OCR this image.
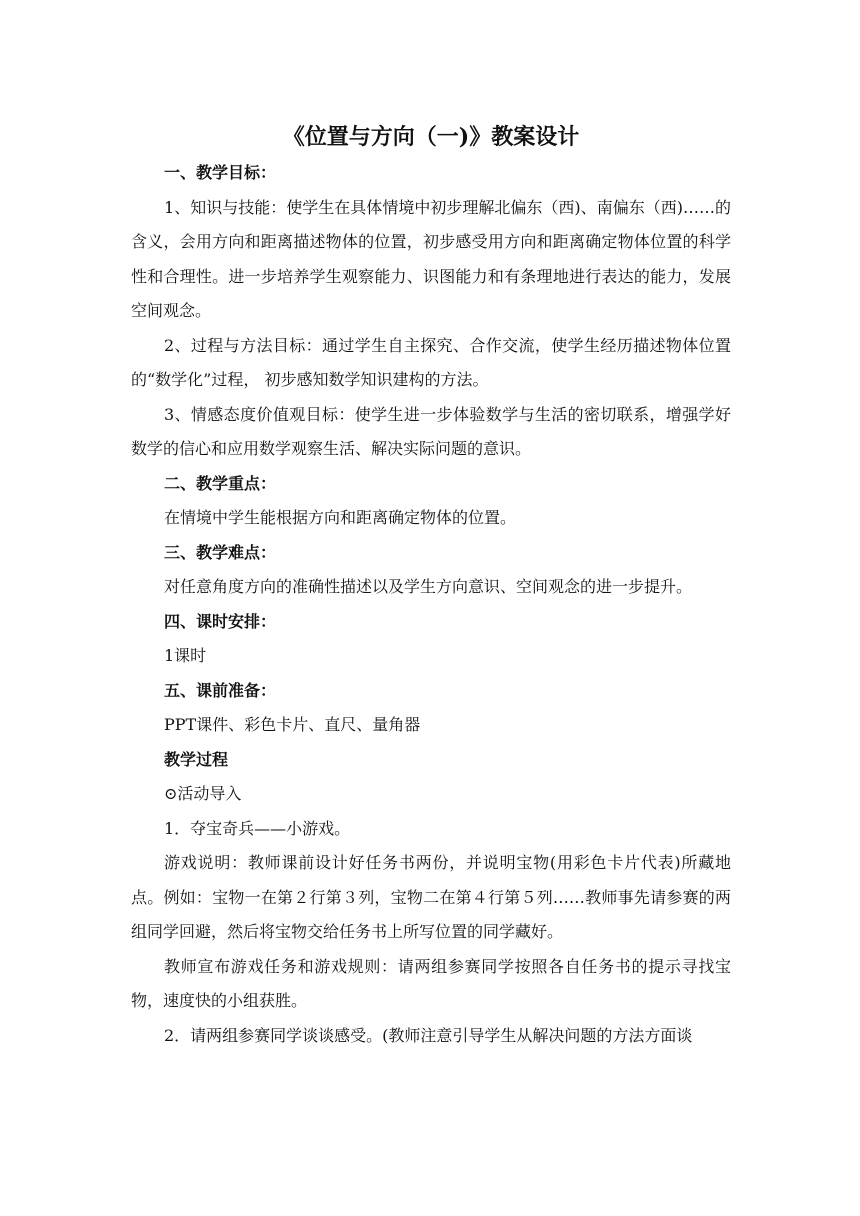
《位置与方向（一)》教案设计

一、教学目标：

1、知识与技能：使学生在具体情境中初步理解北偏东（西)、南偏东（西)……的含义，会用方向和距离描述物体的位置，初步感受用方向和距离确定物体位置的科学性和合理性。进一步培养学生观察能力、识图能力和有条理地进行表达的能力，发展空间观念。

2、过程与方法目标：通过学生自主探究、合作交流，使学生经历描述物体位置的“数学化”过程， 初步感知数学知识建构的方法。

3、情感态度价值观目标：使学生进一步体验数学与生活的密切联系，增强学好数学的信心和应用数学观察生活、解决实际问题的意识。

二、教学重点：

在情境中学生能根据方向和距离确定物体的位置。

三、教学难点：

对任意角度方向的准确性描述以及学生方向意识、空间观念的进一步提升。

四、课时安排：

1课时

五、课前准备：

PPT课件、彩色卡片、直尺、量角器

教学过程

⊙活动导入

1．夺宝奇兵——小游戏。

游戏说明：教师课前设计好任务书两份，并说明宝物(用彩色卡片代表)所藏地点。例如：宝物一在第２行第３列，宝物二在第４行第５列……教师事先请参赛的两组同学回避，然后将宝物交给任务书上所写位置的同学藏好。

教师宣布游戏任务和游戏规则：请两组参赛同学按照各自任务书的提示寻找宝物，速度快的小组获胜。

2．请两组参赛同学谈谈感受。(教师注意引导学生从解决问题的方法方面谈
